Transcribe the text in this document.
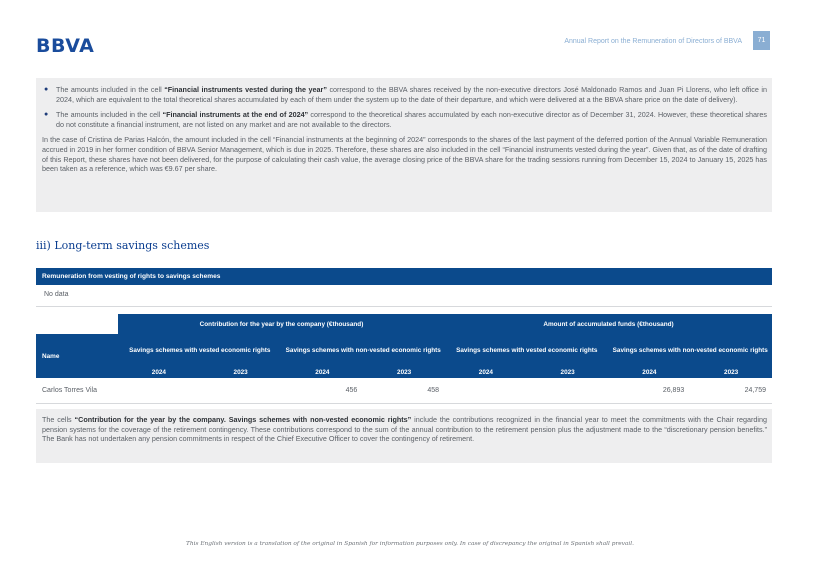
BBVA	Annual Report on the Remuneration of Directors of BBVA	71
● The amounts included in the cell “Financial instruments vested during the year” correspond to the BBVA shares received by the non-executive directors José Maldonado Ramos and Juan Pi Llorens, who left office in 2024, which are equivalent to the total theoretical shares accumulated by each of them under the system up to the date of their departure, and which were delivered at a the BBVA share price on the date of delivery).
● The amounts included in the cell “Financial instruments at the end of 2024” correspond to the theoretical shares accumulated by each non-executive director as of December 31, 2024. However, these theoretical shares do not constitute a financial instrument, are not listed on any market and are not available to the directors.
In the case of Cristina de Parias Halcón, the amount included in the cell “Financial instruments at the beginning of 2024” corresponds to the shares of the last payment of the deferred portion of the Annual Variable Remuneration accrued in 2019 in her former condition of BBVA Senior Management, which is due in 2025. Therefore, these shares are also included in the cell “Financial instruments vested during the year”. Given that, as of the date of drafting of this Report, these shares have not been delivered, for the purpose of calculating their cash value, the average closing price of the BBVA share for the trading sessions running from December 15, 2024 to January 15, 2025 has been taken as a reference, which was €9.67 per share.
iii) Long-term savings schemes
Remuneration from vesting of rights to savings schemes
No data
	Contribution for the year by the company (€thousand)				Amount of accumulated funds (€thousand)			
Name	Savings schemes with vested economic rights		Savings schemes with non-vested economic rights		Savings schemes with vested economic rights		Savings schemes with non-vested economic rights	
	2024	2023	2024	2023	2024	2023	2024	2023
Carlos Torres Vila			456	458			26,893	24,759
The cells “Contribution for the year by the company. Savings schemes with non-vested economic rights” include the contributions recognized in the financial year to meet the commitments with the Chair regarding pension systems for the coverage of the retirement contingency. These contributions correspond to the sum of the annual contribution to the retirement pension plus the adjustment made to the “discretionary pension benefits.” The Bank has not undertaken any pension commitments in respect of the Chief Executive Officer to cover the contingency of retirement.
This English version is a translation of the original in Spanish for information purposes only. In case of discrepancy the original in Spanish shall prevail.
